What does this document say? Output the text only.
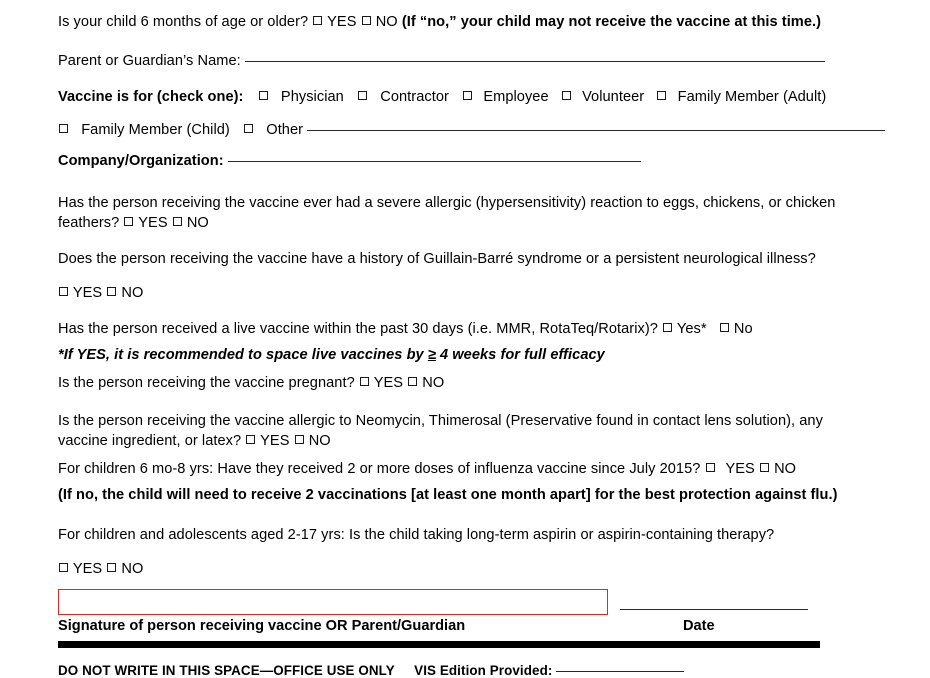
Is your child 6 months of age or older? YES NO (If “no,” your child may not receive the vaccine at this time.)
Parent or Guardian’s Name:
Vaccine is for (check one):	Physician Contractor Employee Volunteer Family Member (Adult)
Family Member (Child) Other
Company/Organization:
Has the person receiving the vaccine ever had a severe allergic (hypersensitivity) reaction to eggs, chickens, or chicken feathers? YES NO
Does the person receiving the vaccine have a history of Guillain-Barré syndrome or a persistent neurological illness?
YES NO
Has the person received a live vaccine within the past 30 days (i.e. MMR, RotaTeq/Rotarix)? Yes* No
*If YES, it is recommended to space live vaccines by ≥ 4 weeks for full efficacy
Is the person receiving the vaccine pregnant? YES NO
Is the person receiving the vaccine allergic to Neomycin, Thimerosal (Preservative found in contact lens solution), any vaccine ingredient, or latex? YES NO
For children 6 mo-8 yrs: Have they received 2 or more doses of influenza vaccine since July 2015? YES NO
(If no, the child will need to receive 2 vaccinations [at least one month apart] for the best protection against flu.)
For children and adolescents aged 2-17 yrs: Is the child taking long-term aspirin or aspirin-containing therapy?
YES NO
Signature of person receiving vaccine OR Parent/Guardian	Date
DO NOT WRITE IN THIS SPACE—OFFICE USE ONLY VIS Edition Provided:
